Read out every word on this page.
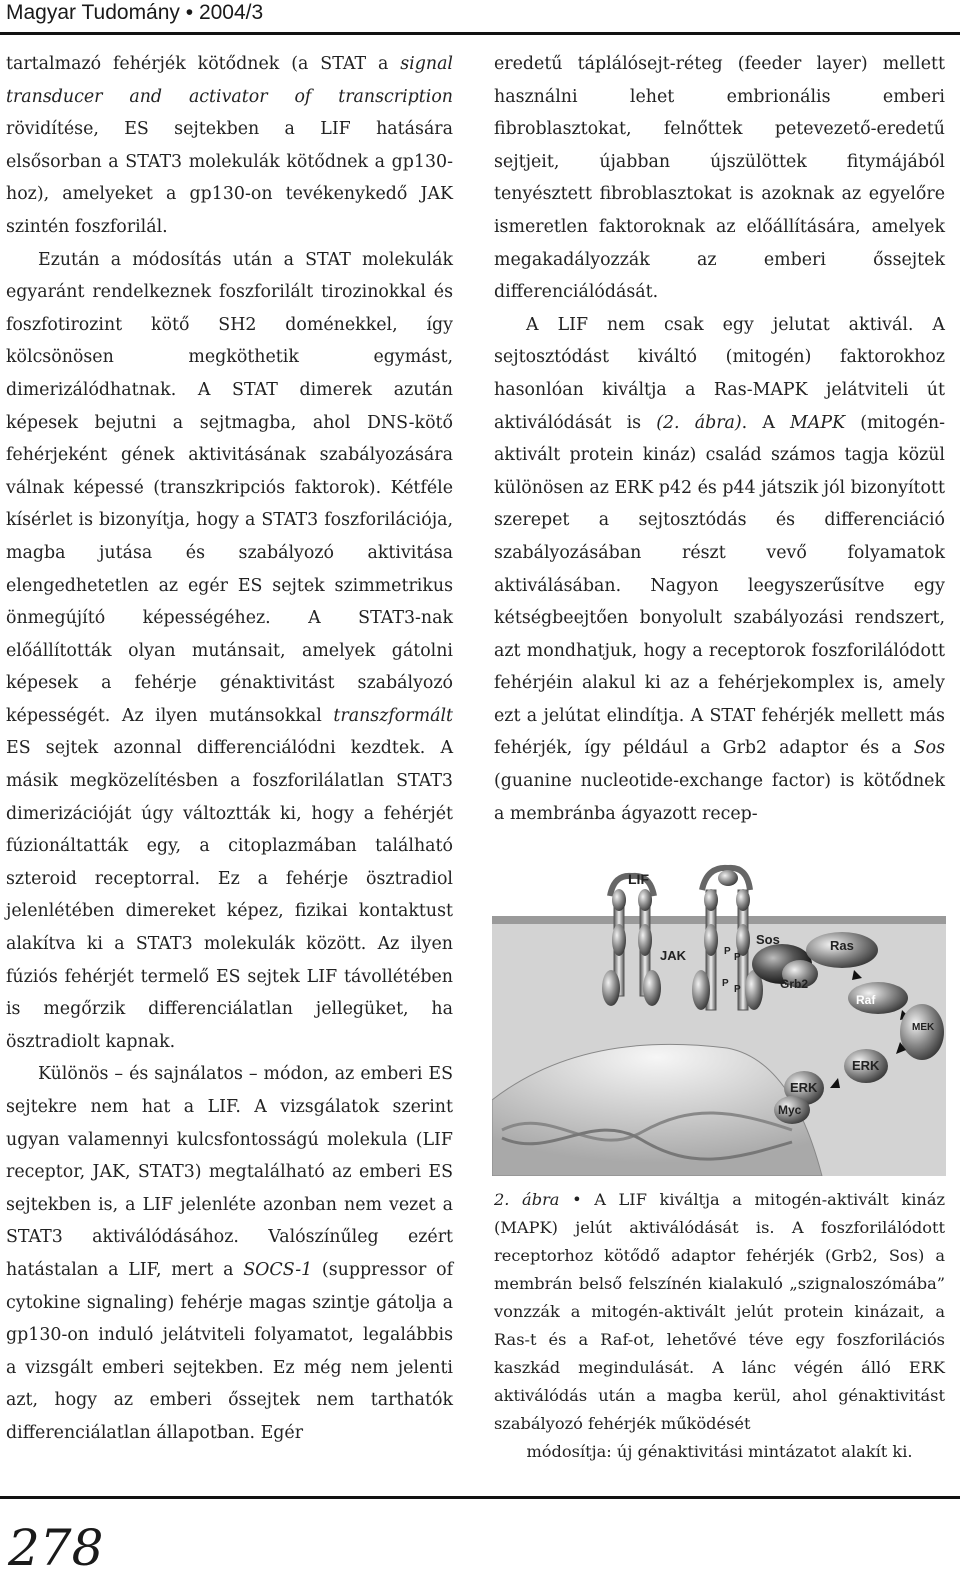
Magyar Tudomány • 2004/3

tartalmazó fehérjék kötődnek (a STAT a signal transducer and activator of transcription rövidítése, ES sejtekben a LIF hatására elsősorban a STAT3 molekulák kötődnek a gp130-hoz), amelyeket a gp130-on tevékenykedő JAK szintén foszforilál.

Ezután a módosítás után a STAT molekulák egyaránt rendelkeznek foszforilált tirozinokkal és foszfotirozint kötő SH2 doménekkel, így kölcsönösen megköthetik egymást, dimerizálódhatnak. A STAT dimerek azután képesek bejutni a sejtmagba, ahol DNS-kötő fehérjeként gének aktivitásának szabályozására válnak képessé (transzkripciós faktorok). Kétféle kísérlet is bizonyítja, hogy a STAT3 foszforilációja, magba jutása és szabályozó aktivitása elengedhetetlen az egér ES sejtek szimmetrikus önmegújító képességéhez. A STAT3-nak előállították olyan mutánsait, amelyek gátolni képesek a fehérje génaktivitást szabályozó képességét. Az ilyen mutánsokkal transzformált ES sejtek azonnal differenciálódni kezdtek. A másik megközelítésben a foszforilálatlan STAT3 dimerizációját úgy változtták ki, hogy a fehérjét fúzionáltatták egy, a citoplazmában található szteroid receptorral. Ez a fehérje ösztradiol jelenlétében dimereket képez, fizikai kontaktust alakítva ki a STAT3 molekulák között. Az ilyen fúziós fehérjét termelő ES sejtek LIF távollétében is megőrzik differenciálatlan jellegüket, ha ösztradiolt kapnak.

Különös – és sajnálatos – módon, az emberi ES sejtekre nem hat a LIF. A vizsgálatok szerint ugyan valamennyi kulcsfontosságú molekula (LIF receptor, JAK, STAT3) megtalálható az emberi ES sejtekben is, a LIF jelenléte azonban nem vezet a STAT3 aktiválódásához. Valószínűleg ezért hatástalan a LIF, mert a SOCS-1 (suppressor of cytokine signaling) fehérje magas szintje gátolja a gp130-on induló jelátviteli folyamatot, legalábbis a vizsgált emberi sejtekben. Ez még nem jelenti azt, hogy az emberi őssejtek nem tarthatók differenciálatlan állapotban. Egér

eredetű táplálósejt-réteg (feeder layer) mellett használni lehet embrionális emberi fibroblasztokat, felnőttek petevezető-eredetű sejtjeit, újabban újszülöttek fitymájából tenyésztett fibroblasztokat is azoknak az egyelőre ismeretlen faktoroknak az előállítására, amelyek megakadályozzák az emberi őssejtek differenciálódását.

A LIF nem csak egy jelutat aktivál. A sejtosztódást kiváltó (mitogén) faktorokhoz hasonlóan kiváltja a Ras-MAPK jelátviteli út aktiválódását is (2. ábra). A MAPK (mitogén-aktivált protein kináz) család számos tagja közül különösen az ERK p42 és p44 játszik jól bizonyított szerepet a sejtosztódás és differenciáció szabályozásában részt vevő folyamatok aktiválásában. Nagyon leegyszerűsítve egy kétségbeejtően bonyolult szabályozási rendszert, azt mondhatjuk, hogy a receptorok foszforilálódott fehérjéin alakul ki az a fehérjekomplex is, amely ezt a jelútat elindítja. A STAT fehérjék mellett más fehérjék, így például a Grb2 adaptor és a Sos (guanine nucleotide-exchange factor) is kötődnek a membránba ágyazott recep-

LIF
JAK	P
P
P
P
Sos	Ras
Grb2
Raf
MEK
ERK
ERK
Myc
2. ábra • A LIF kiváltja a mitogén-aktivált kináz (MAPK) jelút aktiválódását is. A foszforilálódott receptorhoz kötődő adaptor fehérjék (Grb2, Sos) a membrán belső felszínén kialakuló „szignaloszómába” vonzzák a mitogén-aktivált jelút protein kinázait, a Ras-t és a Raf-ot, lehetővé téve egy foszforilációs kaszkád megindulását. A lánc végén álló ERK aktiválódás után a magba kerül, ahol génaktivitást szabályozó fehérjék működését
módosítja: új génaktivitási mintázatot alakít ki.
278
